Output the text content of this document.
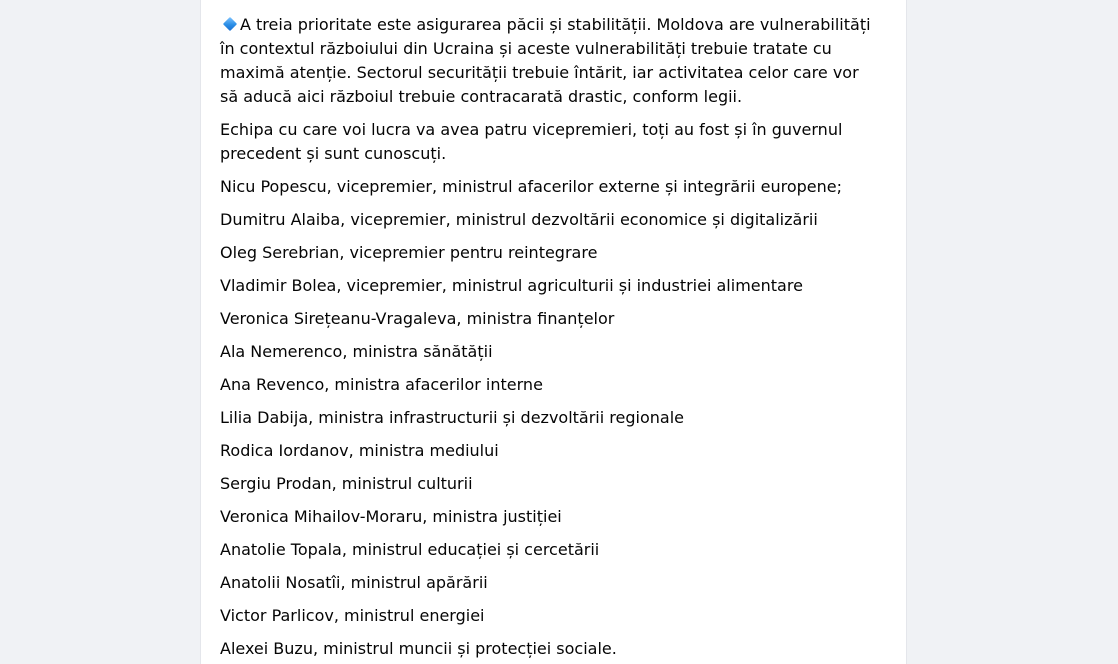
A treia prioritate este asigurarea păcii și stabilității. Moldova are vulnerabilități în contextul războiului din Ucraina și aceste vulnerabilități trebuie tratate cu maximă atenție. Sectorul securității trebuie întărit, iar activitatea celor care vor să aducă aici războiul trebuie contracarată drastic, conform legii.

Echipa cu care voi lucra va avea patru vicepremieri, toți au fost și în guvernul precedent și sunt cunoscuți.

Nicu Popescu, vicepremier, ministrul afacerilor externe și integrării europene;

Dumitru Alaiba, vicepremier, ministrul dezvoltării economice și digitalizării

Oleg Serebrian, vicepremier pentru reintegrare

Vladimir Bolea, vicepremier, ministrul agriculturii și industriei alimentare

Veronica Sirețeanu-Vragaleva, ministra finanțelor

Ala Nemerenco, ministra sănătății

Ana Revenco, ministra afacerilor interne

Lilia Dabija, ministra infrastructurii și dezvoltării regionale

Rodica Iordanov, ministra mediului

Sergiu Prodan, ministrul culturii

Veronica Mihailov-Moraru, ministra justiției

Anatolie Topala, ministrul educației și cercetării

Anatolii Nosatîi, ministrul apărării

Victor Parlicov, ministrul energiei

Alexei Buzu, ministrul muncii și protecției sociale.
